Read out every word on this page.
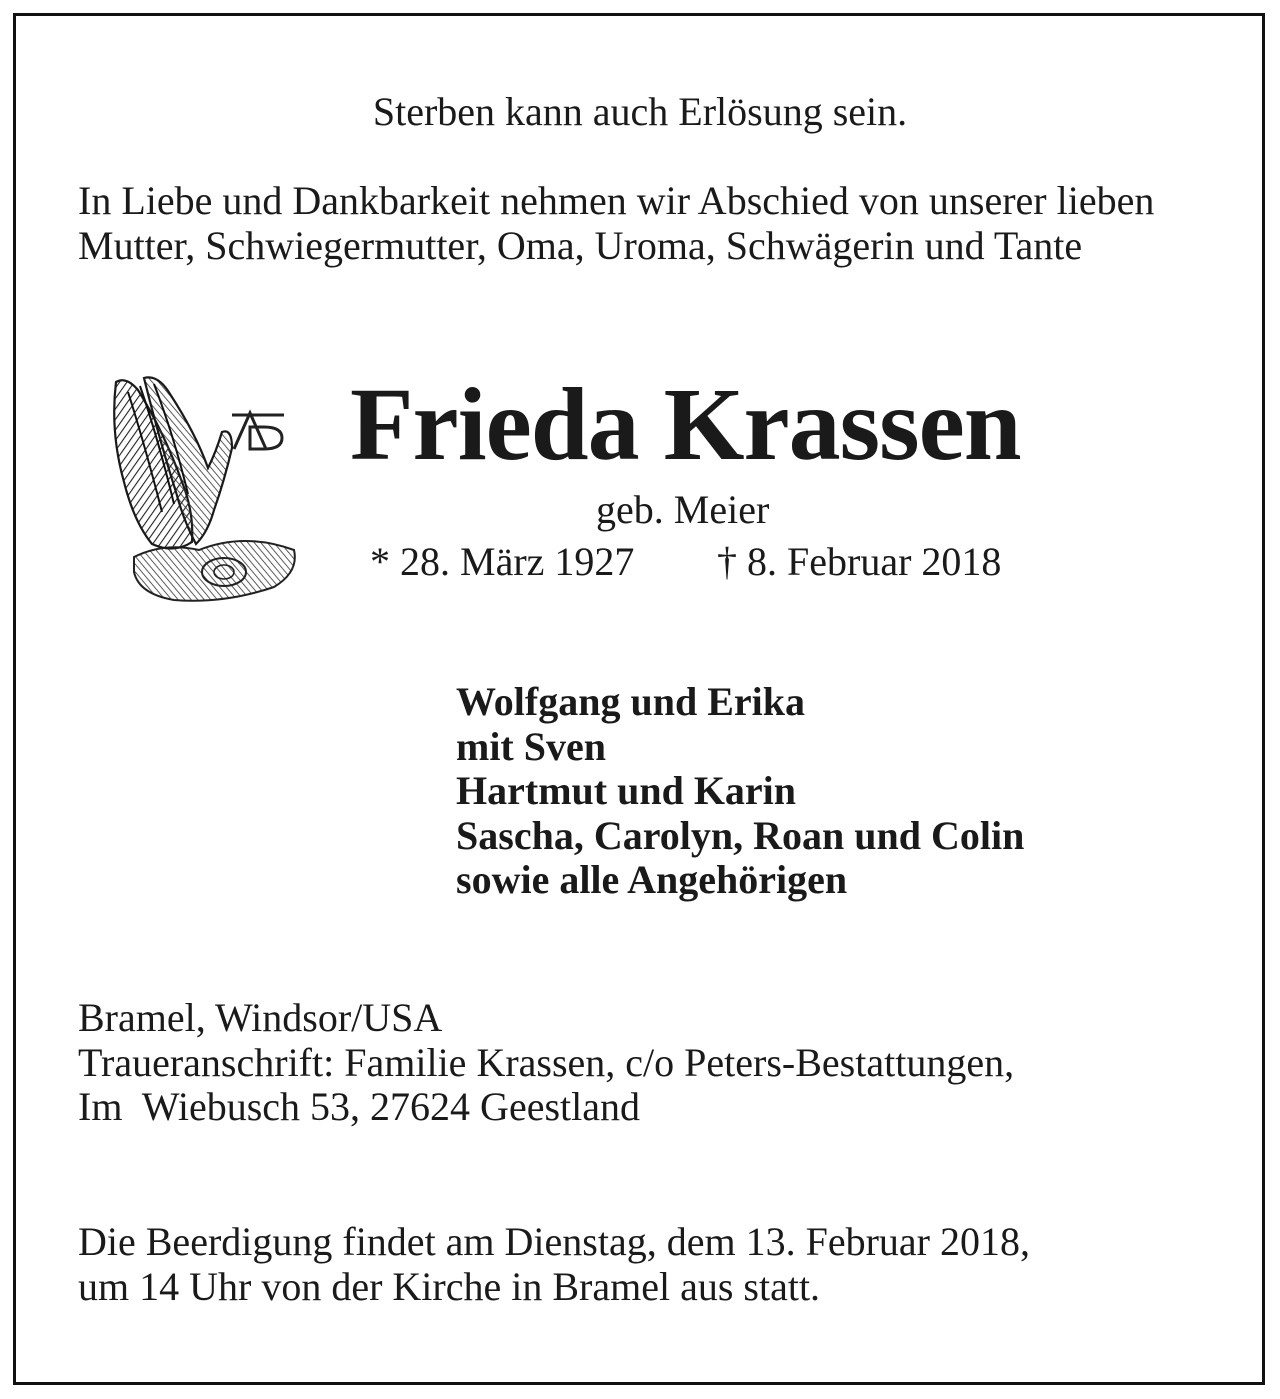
Sterben kann auch Erlösung sein.
In Liebe und Dankbarkeit nehmen wir Abschied von unserer lieben
Mutter, Schwiegermutter, Oma, Uroma, Schwägerin und Tante
Frieda Krassen
geb. Meier
* 28. März 1927 † 8. Februar 2018
Wolfgang und Erika
mit Sven
Hartmut und Karin
Sascha, Carolyn, Roan und Colin
sowie alle Angehörigen
Bramel, Windsor/USA
Traueranschrift: Familie Krassen, c/o Peters-Bestattungen,
Im  Wiebusch 53, 27624 Geestland
Die Beerdigung findet am Dienstag, dem 13. Februar 2018,
um 14 Uhr von der Kirche in Bramel aus statt.
